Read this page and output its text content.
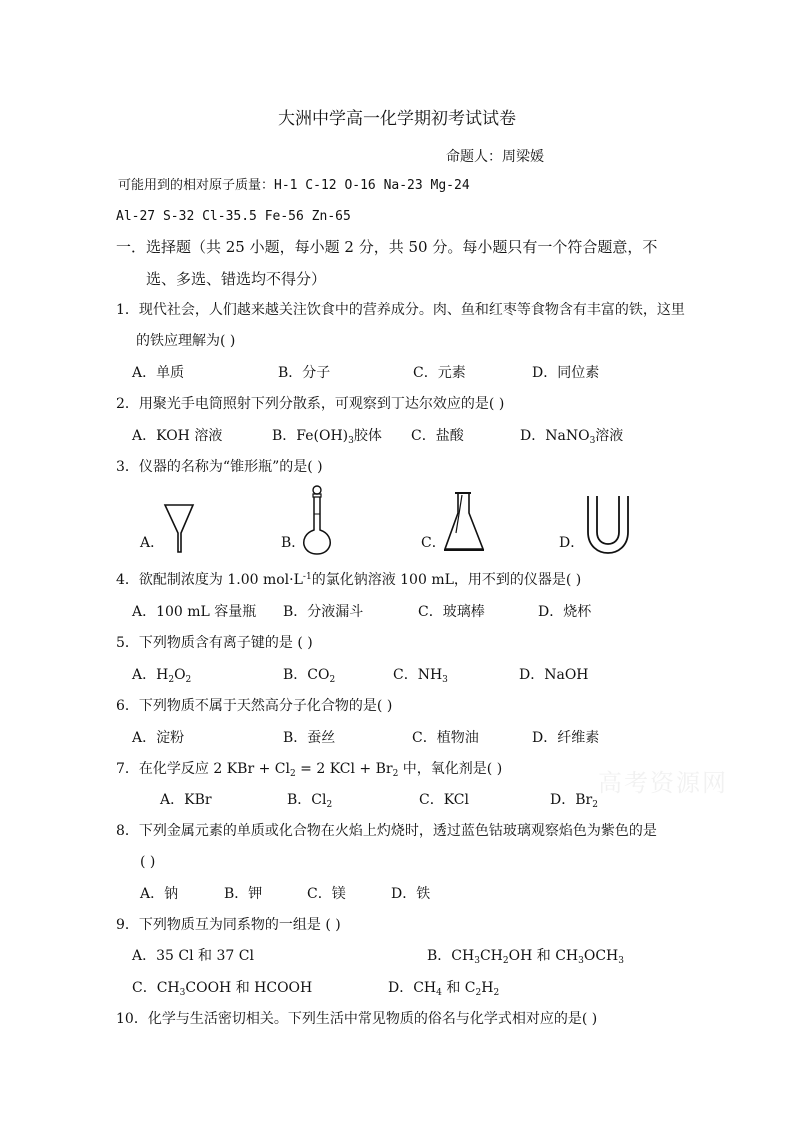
大洲中学高一化学期初考试试卷
命题人：周梁媛
可能用到的相对原子质量：H-1 C-12 O-16 Na-23 Mg-24
Al-27 S-32 Cl-35.5 Fe-56 Zn-65
一．选择题（共 25 小题，每小题 2 分，共 50 分。每小题只有一个符合题意，不
选、多选、错选均不得分）
1．现代社会，人们越来越关注饮食中的营养成分。肉、鱼和红枣等食物含有丰富的铁，这里
的铁应理解为( )
A．单质	B．分子	C．元素	D．同位素
2．用聚光手电筒照射下列分散系，可观察到丁达尔效应的是( )
A．KOH 溶液	B．$Fe(OH)_3$胶体 C．盐酸	D．NaNO$_3$溶液
3．仪器的名称为“锥形瓶”的是( )
A．	B．	C．	D．
4．欲配制浓度为 1.00 $mol\cdot L^{-1}$的氯化钠溶液 100 mL，用不到的仪器是( )
A．100 mL 容量瓶 B．分液漏斗	C．玻璃棒	D．烧杯
5．下列物质含有离子键的是 ( )
A．$H_2O_2$	B．$CO_2$	C．$NH_3$	D．NaOH
6．下列物质不属于天然高分子化合物的是( )
A．淀粉	B．蚕丝	C．植物油	D．纤维素
高考资源网
7．在化学反应 2 KBr + $Cl_2 = 2$ KCl + $Br_2$ 中，氧化剂是( )
A．KBr	B．$Cl_2$	C．KCl	D．$Br_2$
8．下列金属元素的单质或化合物在火焰上灼烧时，透过蓝色钴玻璃观察焰色为紫色的是
( )
A．钠	B．钾	C．镁	D．铁
9．下列物质互为同系物的一组是 ( )
A．35 Cl 和 37 Cl	B．$CH_3CH_2OH$ 和 $CH_3OCH_3$
C．$CH_3COOH$ 和 HCOOH	D．$CH_4$ 和 $C_2H_2$
10．化学与生活密切相关。下列生活中常见物质的俗名与化学式相对应的是( )
